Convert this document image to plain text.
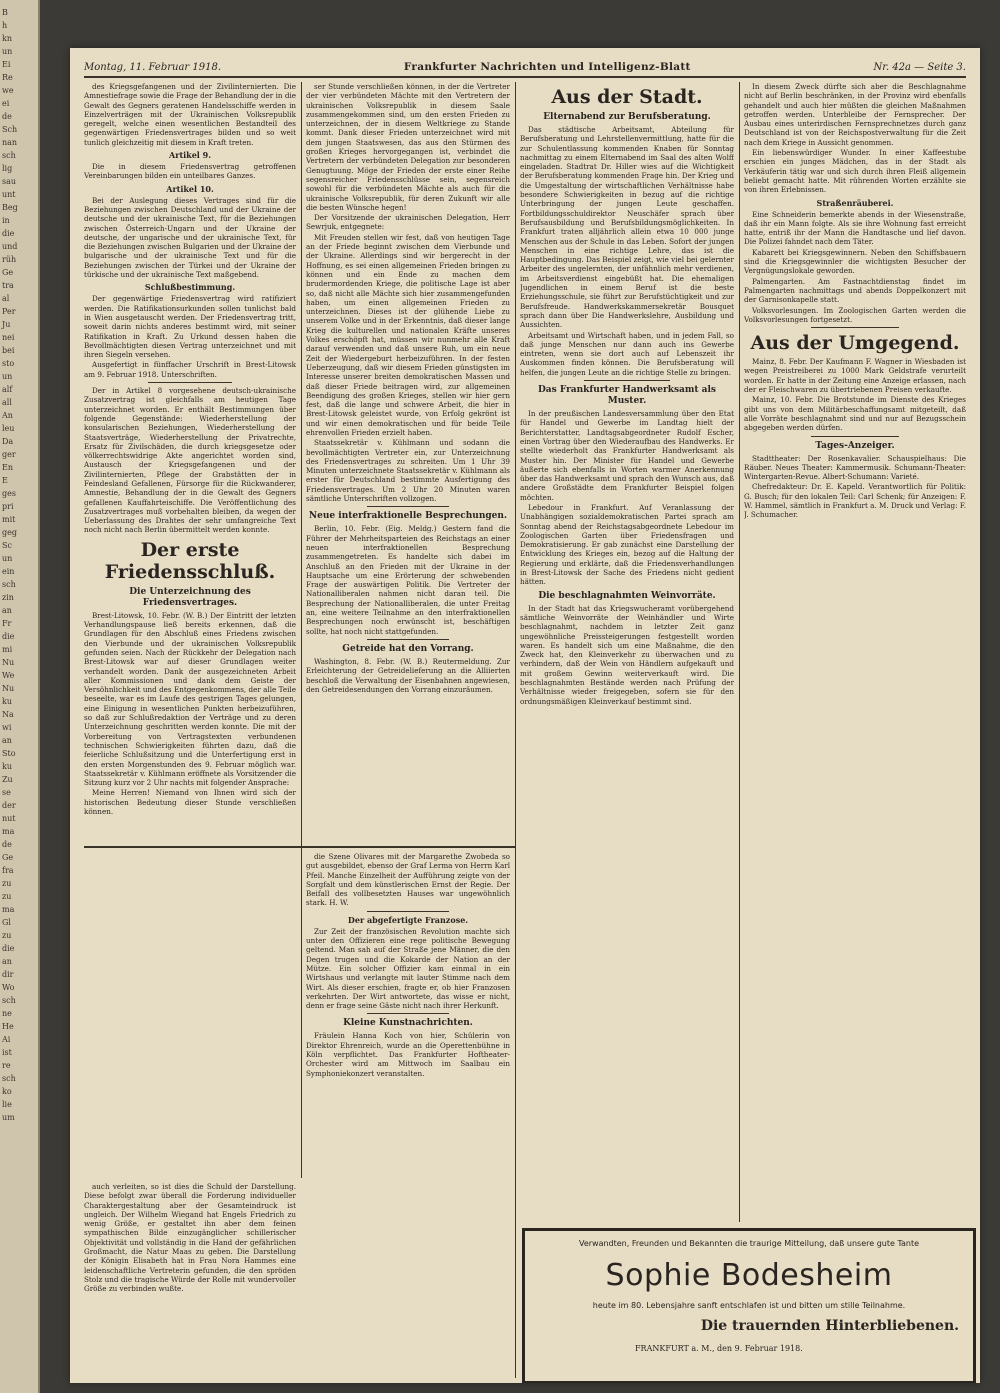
B
h
kn
un
Ei
Re
we
ei
de
Sch
nan
sch
lig
sau
unt
Beg
in
die
und
rüh
Ge
tra
al
Per
Ju
nei
bei
sto
un
alf
all
An
leu
Da
ger
En
E
ges
pri
mit
geg
Sc
un
ein
sch
zin
an
Fr
die
mi
Nu
We
Nu
ku
Na
wi
an
Sto
ku
Zu
se
der
nut
ma
de
Ge
fra
zu
zu
ma
Gl
zu
die
an
dir
Wo
sch
ne
He
Ai
ist
re
sch
ko
lie
um
Montag, 11. Februar 1918.	Frankfurter Nachrichten und Intelligenz-Blatt	Nr. 42a — Seite 3.

des Kriegsgefangenen und der Zivilinternierten. Die Amnestiefrage sowie die Frage der Behandlung der in die Gewalt des Gegners geratenen Handelsschiffe werden in Einzelverträgen mit der Ukrainischen Volksrepublik geregelt, welche einen wesentlichen Bestandteil des gegenwärtigen Friedensvertrages bilden und so weit tunlich gleichzeitig mit diesem in Kraft treten.

Artikel 9.

Die in diesem Friedensvertrag getroffenen Vereinbarungen bilden ein unteilbares Ganzes.

Artikel 10.

Bei der Auslegung dieses Vertrages sind für die Beziehungen zwischen Deutschland und der Ukraine der deutsche und der ukrainische Text, für die Beziehungen zwischen Österreich-Ungarn und der Ukraine der deutsche, der ungarische und der ukrainische Text, für die Beziehungen zwischen Bulgarien und der Ukraine der bulgarische und der ukrainische Text und für die Beziehungen zwischen der Türkei und der Ukraine der türkische und der ukrainische Text maßgebend.

Schlußbestimmung.

Der gegenwärtige Friedensvertrag wird ratifiziert werden. Die Ratifikationsurkunden sollen tunlichst bald in Wien ausgetauscht werden. Der Friedensvertrag tritt, soweit darin nichts anderes bestimmt wird, mit seiner Ratifikation in Kraft. Zu Urkund dessen haben die Bevollmächtigten diesen Vertrag unterzeichnet und mit ihren Siegeln versehen.

Ausgefertigt in fünffacher Urschrift in Brest-Litowsk am 9. Februar 1918. Unterschriften.

Der in Artikel 8 vorgesehene deutsch-ukrainische Zusatzvertrag ist gleichfalls am heutigen Tage unterzeichnet worden. Er enthält Bestimmungen über folgende Gegenstände: Wiederherstellung der konsularischen Beziehungen, Wiederherstellung der Staatsverträge, Wiederherstellung der Privatrechte, Ersatz für Zivilschäden, die durch kriegsgesetze oder völkerrechtswidrige Akte angerichtet worden sind, Austausch der Kriegsgefangenen und der Zivilinternierten, Pflege der Grabstätten der in Feindesland Gefallenen, Fürsorge für die Rückwanderer, Amnestie, Behandlung der in die Gewalt des Gegners gefallenen Kauffahrteischiffe. Die Veröffentlichung des Zusatzvertrages muß vorbehalten bleiben, da wegen der Ueberlassung des Drahtes der sehr umfangreiche Text noch nicht nach Berlin übermittelt werden konnte.

Der erste Friedensschluß.
Die Unterzeichnung des Friedensvertrages.

Brest-Litowsk, 10. Febr. (W. B.) Der Eintritt der letzten Verhandlungspause ließ bereits erkennen, daß die Grundlagen für den Abschluß eines Friedens zwischen den Vierbunde und der ukrainischen Volksrepublik gefunden seien. Nach der Rückkehr der Delegation nach Brest-Litowsk war auf dieser Grundlagen weiter verhandelt worden. Dank der ausgezeichneten Arbeit aller Kommissionen und dank dem Geiste der Versöhnlichkeit und des Entgegenkommens, der alle Teile beseelte, war es im Laufe des gestrigen Tages gelungen, eine Einigung in wesentlichen Punkten herbeizuführen, so daß zur Schlußredaktion der Verträge und zu deren Unterzeichnung geschritten werden konnte. Die mit der Vorbereitung von Vertragstexten verbundenen technischen Schwierigkeiten führten dazu, daß die feierliche Schlußsitzung und die Unterfertigung erst in den ersten Morgenstunden des 9. Februar möglich war. Staatssekretär v. Kühlmann eröffnete als Vorsitzender die Sitzung kurz vor 2 Uhr nachts mit folgender Ansprache:

Meine Herren! Niemand von Ihnen wird sich der historischen Bedeutung dieser Stunde verschließen können.

ser Stunde verschließen können, in der die Vertreter der vier verbündeten Mächte mit den Vertretern der ukrainischen Volksrepublik in diesem Saale zusammengekommen sind, um den ersten Frieden zu unterzeichnen, der in diesem Weltkriege zu Stande kommt. Dank dieser Frieden unterzeichnet wird mit dem jungen Staatswesen, das aus den Stürmen des großen Krieges hervorgegangen ist, verbindet die Vertretern der verbündeten Delegation zur besonderen Genugtuung. Möge der Frieden der erste einer Reihe segensreicher Friedensschlüsse sein, segensreich sowohl für die verbündeten Mächte als auch für die ukrainische Volksrepublik, für deren Zukunft wir alle die besten Wünsche hegen!

Der Vorsitzende der ukrainischen Delegation, Herr Sewrjuk, entgegnete:

Mit Freuden stellen wir fest, daß von heutigen Tage an der Friede beginnt zwischen dem Vierbunde und der Ukraine. Allerdings sind wir bergerecht in der Hoffnung, es sei einen allgemeinen Frieden bringen zu können und ein Ende zu machen dem brudermordenden Kriege, die politische Lage ist aber so, daß nicht alle Mächte sich hier zusammengefunden haben, um einen allgemeinen Frieden zu unterzeichnen. Dieses ist der glühende Liebe zu unserem Volke und in der Erkenntnis, daß dieser lange Krieg die kulturellen und nationalen Kräfte unseres Volkes erschöpft hat, müssen wir nunmehr alle Kraft darauf verwenden und daß unsere Ruh, um ein neue Zeit der Wiedergeburt herbeizuführen. In der festen Ueberzeugung, daß wir diesem Frieden günstigsten im Interesse unserer breiten demokratischen Massen und daß dieser Friede beitragen wird, zur allgemeinen Beendigung des großen Krieges, stellen wir hier gern fest, daß die lange und schwere Arbeit, die hier in Brest-Litowsk geleistet wurde, von Erfolg gekrönt ist und wir einen demokratischen und für beide Teile ehrenvollen Frieden erzielt haben.

Staatssekretär v. Kühlmann und sodann die bevollmächtigten Vertreter ein, zur Unterzeichnung des Friedensvertrages zu schreiten. Um 1 Uhr 39 Minuten unterzeichnete Staatssekretär v. Kühlmann als erster für Deutschland bestimmte Ausfertigung des Friedensvertrages. Um 2 Uhr 20 Minuten waren sämtliche Unterschriften vollzogen.

Neue interfraktionelle Besprechungen.

Berlin, 10. Febr. (Eig. Meldg.) Gestern fand die Führer der Mehrheitsparteien des Reichstags an einer neuen interfraktionellen Besprechung zusammengetreten. Es handelte sich dabei im Anschluß an den Frieden mit der Ukraine in der Hauptsache um eine Erörterung der schwebenden Frage der auswärtigen Politik. Die Vertreter der Nationalliberalen nahmen nicht daran teil. Die Besprechung der Nationalliberalen, die unter Freitag an, eine weitere Teilnahme an den interfraktionellen Besprechungen noch erwünscht ist, beschäftigen sollte, hat noch nicht stattgefunden.

Getreide hat den Vorrang.

Washington, 8. Febr. (W. B.) Reutermeldung. Zur Erleichterung der Getreidelieferung an die Alliierten beschloß die Verwaltung der Eisenbahnen angewiesen, den Getreidesendungen den Vorrang einzuräumen.

Aus der Stadt.
Elternabend zur Berufsberatung.

Das städtische Arbeitsamt, Abteilung für Berufsberatung und Lehrstellenvermittlung, hatte für die zur Schulentlassung kommenden Knaben für Sonntag nachmittag zu einem Elternabend im Saal des alten Wolff eingeladen. Stadtrat Dr. Hiller wies auf die Wichtigkeit der Berufsberatung kommenden Frage hin. Der Krieg und die Umgestaltung der wirtschaftlichen Verhältnisse habe besondere Schwierigkeiten in bezug auf die richtige Unterbringung der jungen Leute geschaffen. Fortbildungsschuldirektor Neuschäfer sprach über Berufsausbildung und Berufsbildungsmöglichkeiten. In Frankfurt traten alljährlich allein etwa 10 000 junge Menschen aus der Schule in das Leben. Sofort der jungen Menschen in eine richtige Lehre, das ist die Hauptbedingung. Das Beispiel zeigt, wie viel bei gelernter Arbeiter des ungelernten, der unfähnlich mehr verdienen, im Arbeitsverdienst eingebüßt hat. Die ehemaligen Jugendlichen in einem Beruf ist die beste Erziehungsschule, sie führt zur Berufstüchtigkeit und zur Berufsfreude. Handwerkskammersekretär Bousquet sprach dann über Die Handwerkslehre, Ausbildung und Aussichten.

Arbeitsamt und Wirtschaft haben, und in jedem Fall, so daß junge Menschen nur dann auch ins Gewerbe eintreten, wenn sie dort auch auf Lebenszeit ihr Auskommen finden können. Die Berufsberatung will helfen, die jungen Leute an die richtige Stelle zu bringen.

Das Frankfurter Handwerksamt als Muster.

In der preußischen Landesversammlung über den Etat für Handel und Gewerbe im Landtag hielt der Berichterstatter, Landtagsabgeordneter Rudolf Escher, einen Vortrag über den Wiederaufbau des Handwerks. Er stellte wiederholt das Frankfurter Handwerksamt als Muster hin. Der Minister für Handel und Gewerbe äußerte sich ebenfalls in Worten warmer Anerkennung über das Handwerksamt und sprach den Wunsch aus, daß andere Großstädte dem Frankfurter Beispiel folgen möchten.

Lebedour in Frankfurt. Auf Veranlassung der Unabhängigen sozialdemokratischen Partei sprach am Sonntag abend der Reichstagsabgeordnete Lebedour im Zoologischen Garten über Friedensfragen und Demokratisierung. Er gab zunächst eine Darstellung der Entwicklung des Krieges ein, bezog auf die Haltung der Regierung und erklärte, daß die Friedensverhandlungen in Brest-Litowsk der Sache des Friedens nicht gedient hätten.

Die beschlagnahmten Weinvorräte.

In der Stadt hat das Kriegswucheramt vorübergehend sämtliche Weinvorräte der Weinhändler und Wirte beschlagnahmt, nachdem in letzter Zeit ganz ungewöhnliche Preissteigerungen festgestellt worden waren. Es handelt sich um eine Maßnahme, die den Zweck hat, den Kleinverkehr zu überwachen und zu verhindern, daß der Wein von Händlern aufgekauft und mit großem Gewinn weiterverkauft wird. Die beschlagnahmten Bestände werden nach Prüfung der Verhältnisse wieder freigegeben, sofern sie für den ordnungsmäßigen Kleinverkauf bestimmt sind.

In diesem Zweck dürfte sich aber die Beschlagnahme nicht auf Berlin beschränken, in der Provinz wird ebenfalls gehandelt und auch hier müßten die gleichen Maßnahmen getroffen werden. Unterbleibe der Fernsprecher. Der Ausbau eines unterirdischen Fernsprechnetzes durch ganz Deutschland ist von der Reichspostverwaltung für die Zeit nach dem Kriege in Aussicht genommen.

Ein liebenswürdiger Wunder. In einer Kaffeestube erschien ein junges Mädchen, das in der Stadt als Verkäuferin tätig war und sich durch ihren Fleiß allgemein beliebt gemacht hatte. Mit rührenden Worten erzählte sie von ihren Erlebnissen.

Straßenräuberei.

Eine Schneiderin bemerkte abends in der Wiesenstraße, daß ihr ein Mann folgte. Als sie ihre Wohnung fast erreicht hatte, entriß ihr der Mann die Handtasche und lief davon. Die Polizei fahndet nach dem Täter.

Kabarett bei Kriegsgewinnern. Neben den Schiffsbauern sind die Kriegsgewinnler die wichtigsten Besucher der Vergnügungslokale geworden.

Palmengarten. Am Fastnachtdienstag findet im Palmengarten nachmittags und abends Doppelkonzert mit der Garnisonkapelle statt.

Volksvorlesungen. Im Zoologischen Garten werden die Volksvorlesungen fortgesetzt.

Aus der Umgegend.

Mainz, 8. Febr. Der Kaufmann F. Wagner in Wiesbaden ist wegen Preistreiberei zu 1000 Mark Geldstrafe verurteilt worden. Er hatte in der Zeitung eine Anzeige erlassen, nach der er Fleischwaren zu übertriebenen Preisen verkaufte.

Mainz, 10. Febr. Die Brotstunde im Dienste des Krieges gibt uns von dem Militärbeschaffungsamt mitgeteilt, daß alle Vorräte beschlagnahmt sind und nur auf Bezugsschein abgegeben werden dürfen.

Tages-Anzeiger.

Stadttheater: Der Rosenkavalier. Schauspielhaus: Die Räuber. Neues Theater: Kammermusik. Schumann-Theater: Wintergarten-Revue. Albert-Schumann: Varieté.

Chefredakteur: Dr. E. Kapeld. Verantwortlich für Politik: G. Busch; für den lokalen Teil: Carl Schenk; für Anzeigen: F. W. Hammel, sämtlich in Frankfurt a. M. Druck und Verlag: F. J. Schumacher.

die Szene Olivares mit der Margarethe Zwobeda so gut ausgebildet, ebenso der Graf Lerma von Herrn Karl Pfeil. Manche Einzelheit der Aufführung zeigte von der Sorgfalt und dem künstlerischen Ernst der Regie. Der Beifall des vollbesetzten Hauses war ungewöhnlich stark. H. W.

Der abgefertigte Franzose.

Zur Zeit der französischen Revolution machte sich unter den Offizieren eine rege politische Bewegung geltend. Man sah auf der Straße jene Männer, die den Degen trugen und die Kokarde der Nation an der Mütze. Ein solcher Offizier kam einmal in ein Wirtshaus und verlangte mit lauter Stimme nach dem Wirt. Als dieser erschien, fragte er, ob hier Franzosen verkehrten. Der Wirt antwortete, das wisse er nicht, denn er frage seine Gäste nicht nach ihrer Herkunft.

Kleine Kunstnachrichten.

Fräulein Hanna Koch von hier, Schülerin von Direktor Ehrenreich, wurde an die Operettenbühne in Köln verpflichtet. Das Frankfurter Hoftheater-Orchester wird am Mittwoch im Saalbau ein Symphoniekonzert veranstalten.

auch verleiten, so ist dies die Schuld der Darstellung. Diese befolgt zwar überall die Forderung individueller Charaktergestaltung aber der Gesamteindruck ist ungleich. Der Wilhelm Wiegand hat Engels Friedrich zu wenig Größe, er gestaltet ihn aber dem feinen sympathischen Bilde einzugänglicher schillerischer Objektivität und vollständig in die Hand der gefährlichen Großmacht, die Natur Maas zu geben. Die Darstellung der Königin Elisabeth hat in Frau Nora Hammes eine leidenschaftliche Vertreterin gefunden, die den spröden Stolz und die tragische Würde der Rolle mit wundervoller Größe zu verbinden wußte.

Verwandten, Freunden und Bekannten die traurige Mitteilung, daß unsere gute Tante
Sophie Bodesheim
heute im 80. Lebensjahre sanft entschlafen ist und bitten um stille Teilnahme.
Die trauernden Hinterbliebenen.
FRANKFURT a. M., den 9. Februar 1918.
